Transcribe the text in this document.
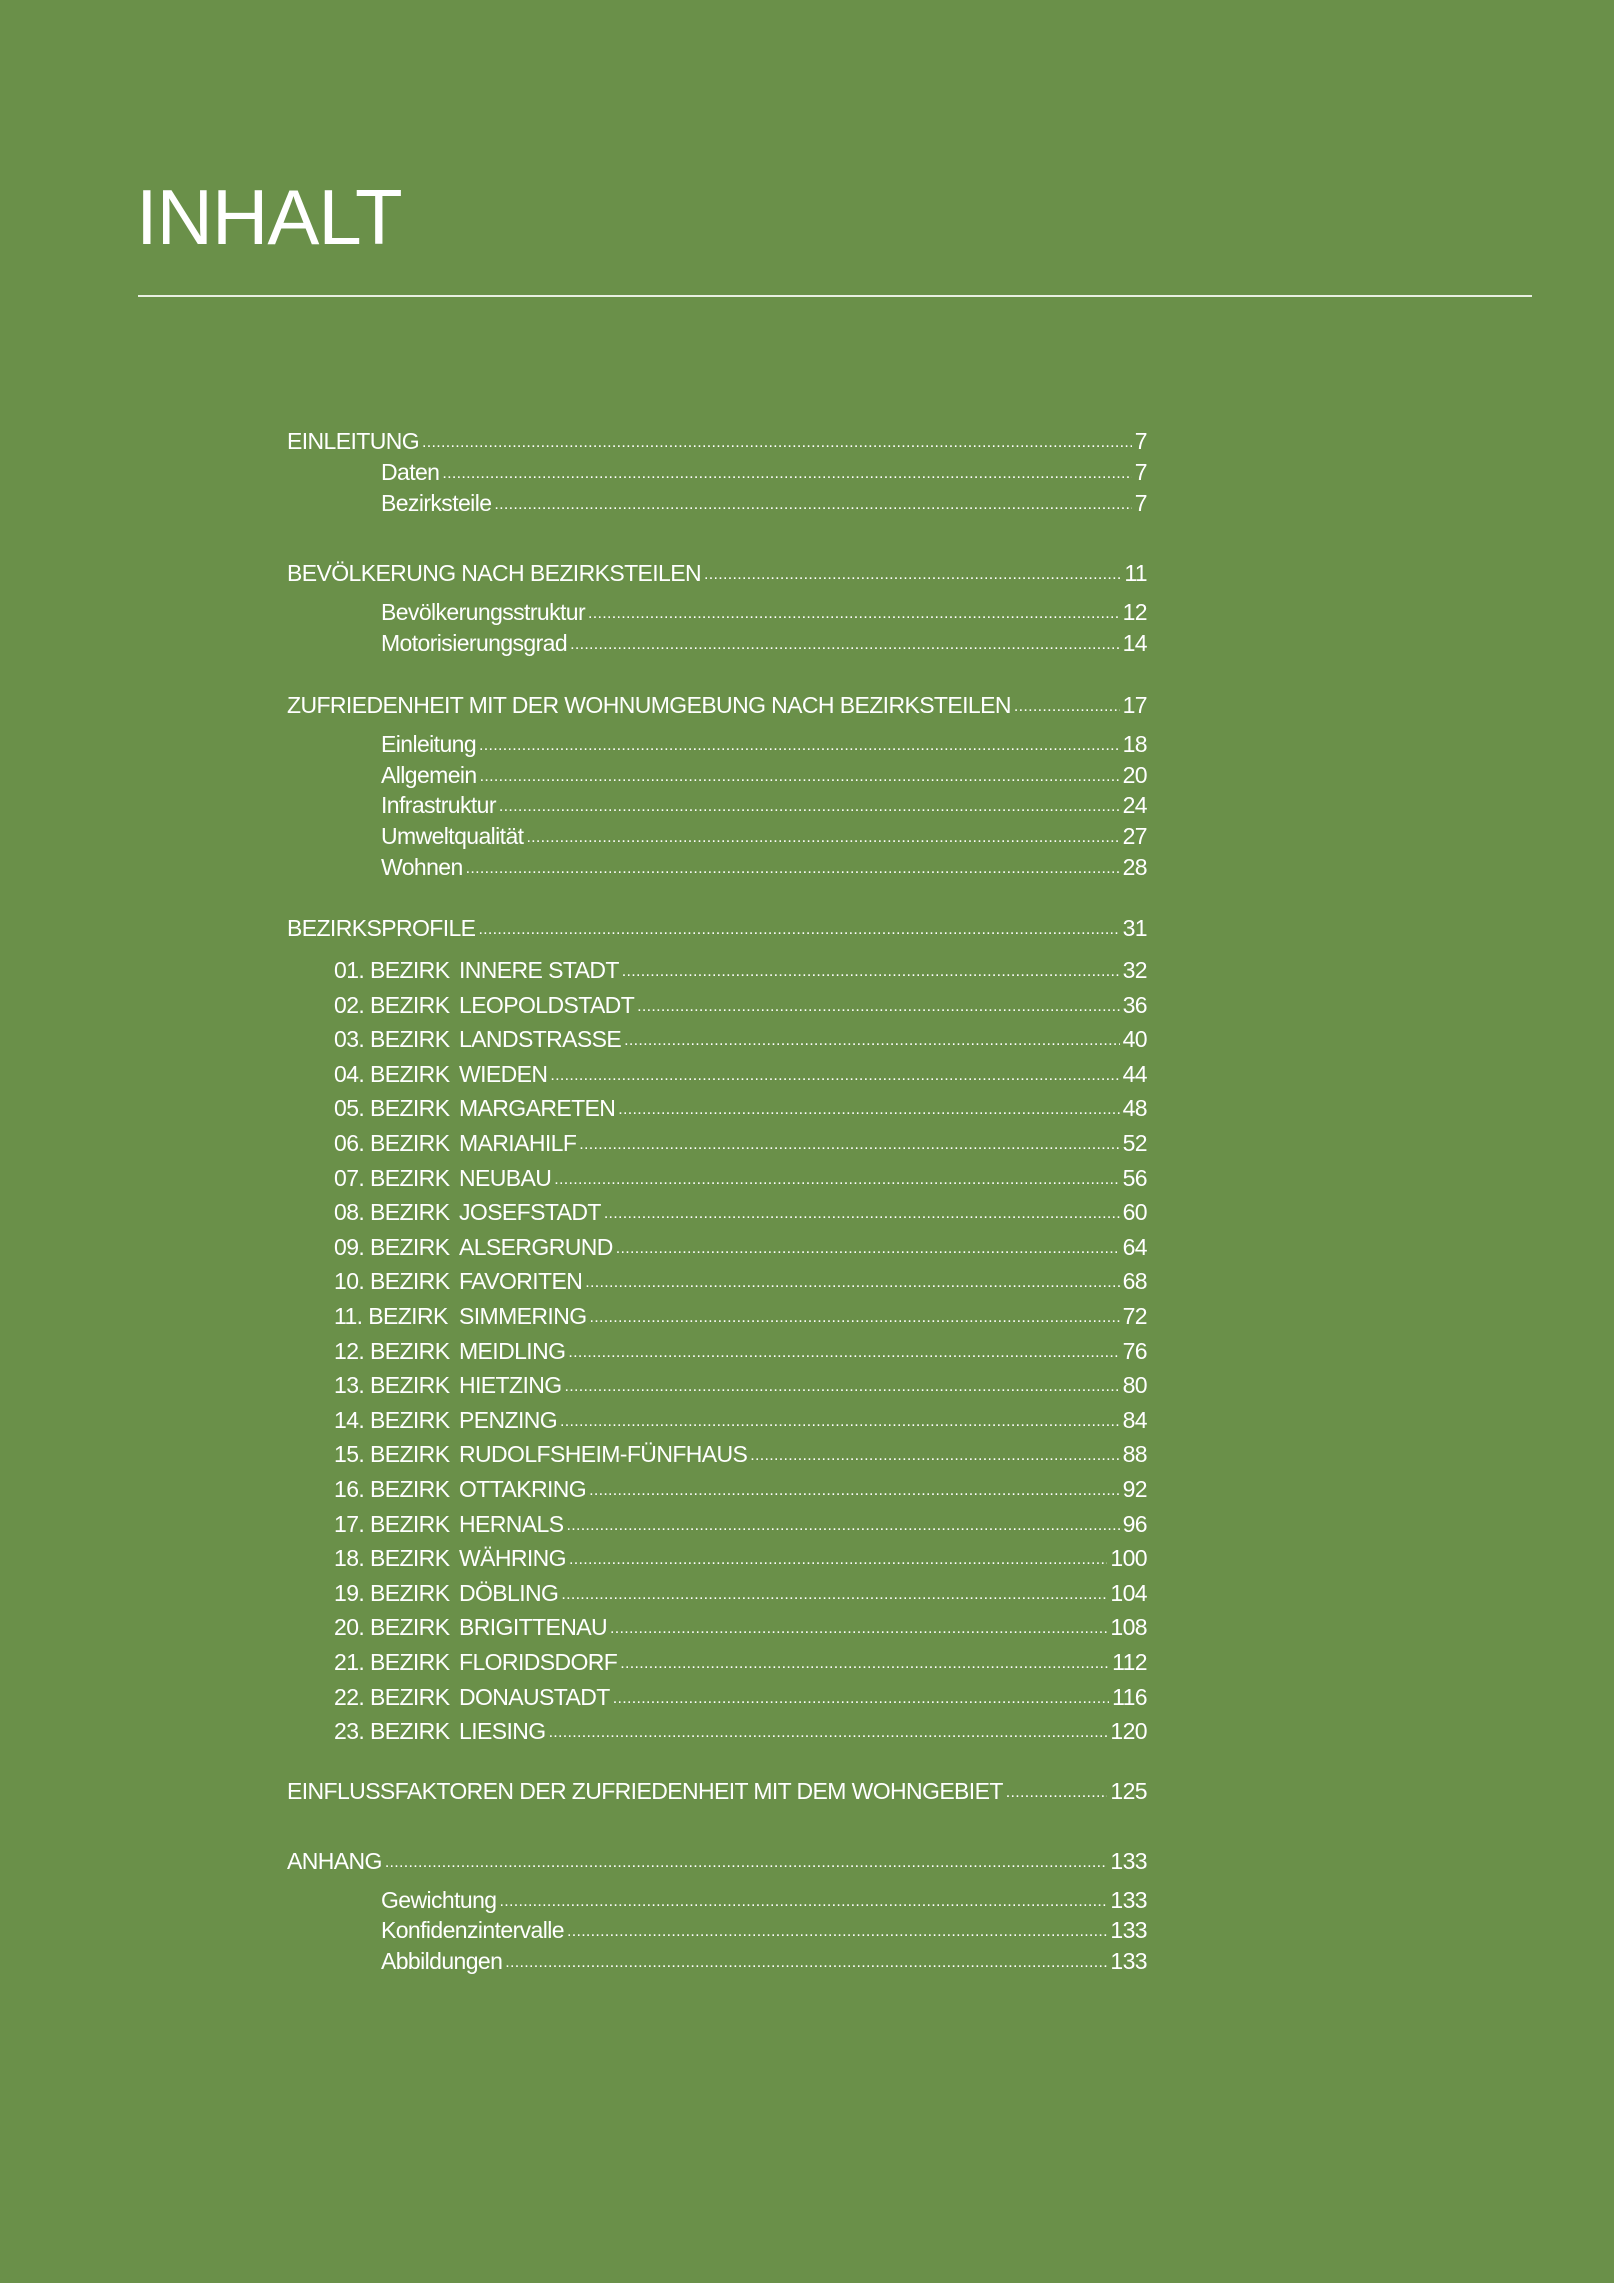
INHALT
EINLEITUNG .....	7
Daten .....	7
Bezirksteile .....	7
BEVÖLKERUNG NACH BEZIRKSTEILEN .....	11
Bevölkerungsstruktur .....	12
Motorisierungsgrad .....	14
ZUFRIEDENHEIT MIT DER WOHNUMGEBUNG NACH BEZIRKSTEILEN .....	17
Einleitung .....	18
Allgemein .....	20
Infrastruktur .....	24
Umweltqualität .....	27
Wohnen .....	28
BEZIRKSPROFILE .....	31
01. BEZIRK INNERE STADT .....	32
02. BEZIRK LEOPOLDSTADT .....	36
03. BEZIRK LANDSTRASSE .....	40
04. BEZIRK WIEDEN .....	44
05. BEZIRK MARGARETEN .....	48
06. BEZIRK MARIAHILF .....	52
07. BEZIRK NEUBAU .....	56
08. BEZIRK JOSEFSTADT .....	60
09. BEZIRK ALSERGRUND .....	64
10. BEZIRK FAVORITEN .....	68
11. BEZIRK SIMMERING .....	72
12. BEZIRK MEIDLING .....	76
13. BEZIRK HIETZING .....	80
14. BEZIRK PENZING .....	84
15. BEZIRK RUDOLFSHEIM-FÜNFHAUS .....	88
16. BEZIRK OTTAKRING .....	92
17. BEZIRK HERNALS .....	96
18. BEZIRK WÄHRING .....	100
19. BEZIRK DÖBLING .....	104
20. BEZIRK BRIGITTENAU .....	108
21. BEZIRK FLORIDSDORF .....	112
22. BEZIRK DONAUSTADT .....	116
23. BEZIRK LIESING .....	120
EINFLUSSFAKTOREN DER ZUFRIEDENHEIT MIT DEM WOHNGEBIET .....	125
ANHANG .....	133
Gewichtung .....	133
Konfidenzintervalle .....	133
Abbildungen .....	133
